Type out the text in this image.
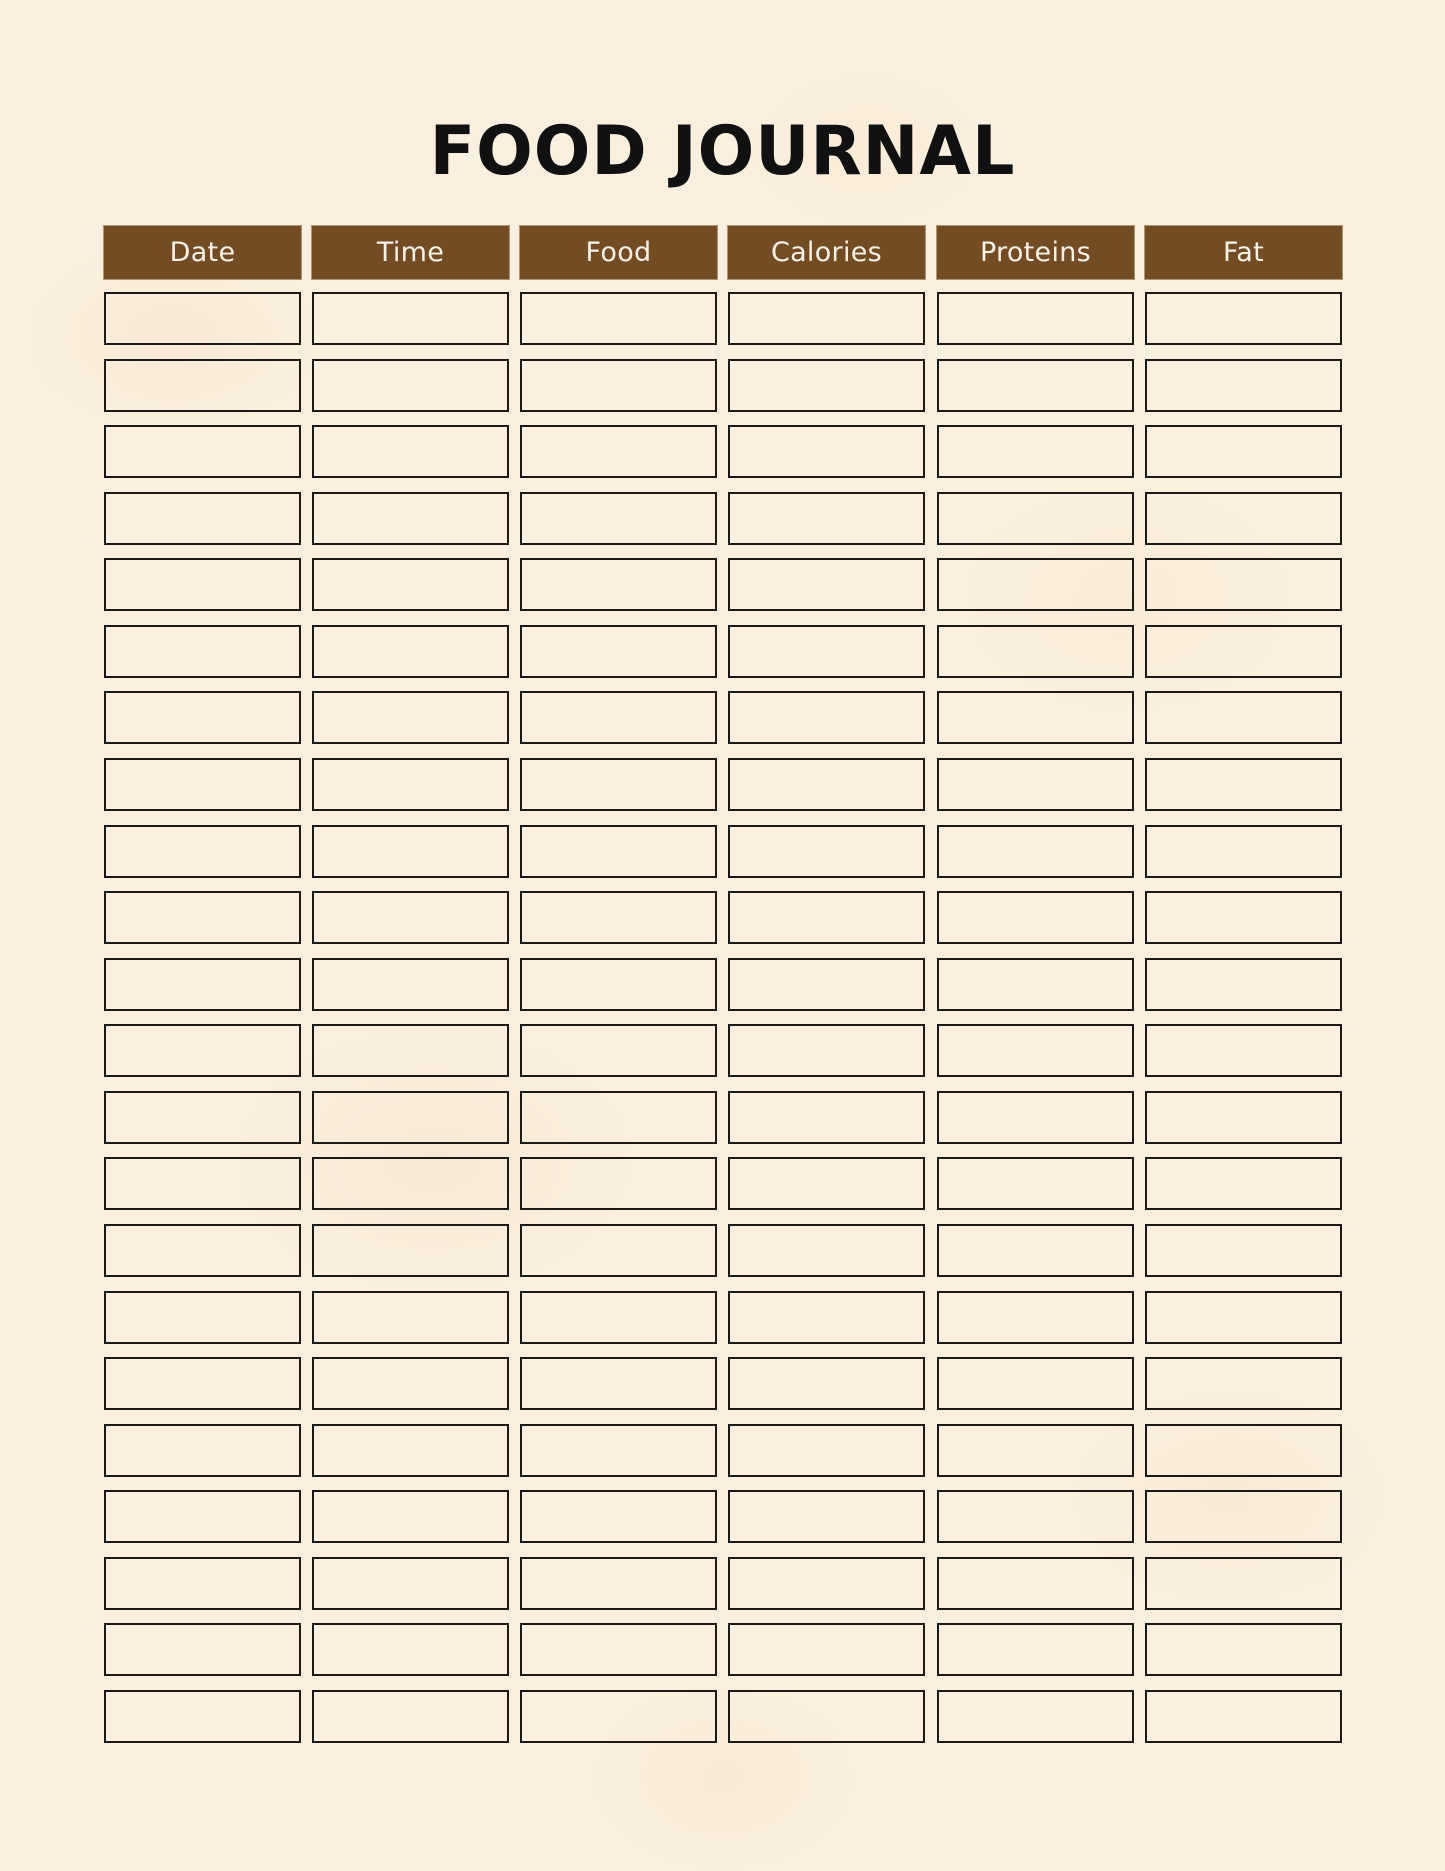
FOOD JOURNAL
Date	Time	Food	Calories	Proteins	Fat
